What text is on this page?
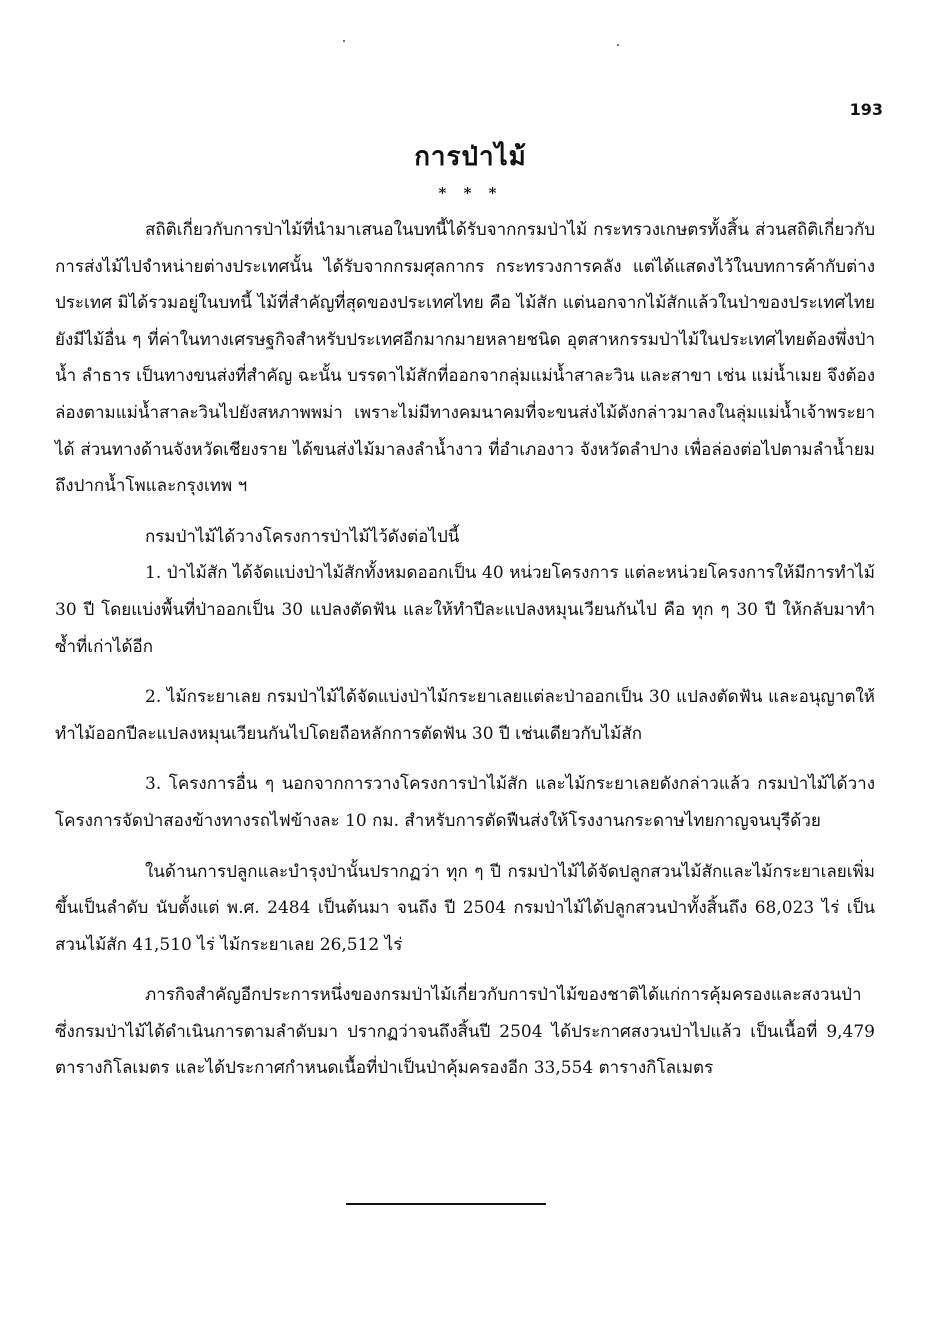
193
การป่าไม้
* * *

สถิติเกี่ยวกับการป่าไม้ที่นำมาเสนอในบทนี้ได้รับจากกรมป่าไม้ กระทรวงเกษตรทั้งสิ้น ส่วนสถิติเกี่ยวกับการส่งไม้ไปจำหน่ายต่างประเทศนั้น ได้รับจากกรมศุลกากร กระทรวงการคลัง แต่ได้แสดงไว้ในบทการค้ากับต่างประเทศ มิได้รวมอยู่ในบทนี้ ไม้ที่สำคัญที่สุดของประเทศไทย คือ ไม้สัก แต่นอกจากไม้สักแล้วในป่าของประเทศไทยยังมีไม้อื่น ๆ ที่ค่าในทางเศรษฐกิจสำหรับประเทศอีกมากมายหลายชนิด อุตสาหกรรมป่าไม้ในประเทศไทยต้องพึ่งป่าน้ำ ลำธาร เป็นทางขนส่งที่สำคัญ ฉะนั้น บรรดาไม้สักที่ออกจากลุ่มแม่น้ำสาละวิน และสาขา เช่น แม่น้ำเมย จึงต้องล่องตามแม่น้ำสาละวินไปยังสหภาพพม่า เพราะไม่มีทางคมนาคมที่จะขนส่งไม้ดังกล่าวมาลงในลุ่มแม่น้ำเจ้าพระยาได้ ส่วนทางด้านจังหวัดเชียงราย ได้ขนส่งไม้มาลงลำน้ำงาว ที่อำเภองาว จังหวัดลำปาง เพื่อล่องต่อไปตามลำน้ำยม ถึงปากน้ำโพและกรุงเทพ ฯ

กรมป่าไม้ได้วางโครงการป่าไม้ไว้ดังต่อไปนี้

1. ป่าไม้สัก ได้จัดแบ่งป่าไม้สักทั้งหมดออกเป็น 40 หน่วยโครงการ แต่ละหน่วยโครงการให้มีการทำไม้ 30 ปี โดยแบ่งพื้นที่ป่าออกเป็น 30 แปลงตัดฟัน และให้ทำปีละแปลงหมุนเวียนกันไป คือ ทุก ๆ 30 ปี ให้กลับมาทำซ้ำที่เก่าได้อีก

2. ไม้กระยาเลย กรมป่าไม้ได้จัดแบ่งป่าไม้กระยาเลยแต่ละป่าออกเป็น 30 แปลงตัดฟัน และอนุญาตให้ทำไม้ออกปีละแปลงหมุนเวียนกันไปโดยถือหลักการตัดฟัน 30 ปี เช่นเดียวกับไม้สัก

3. โครงการอื่น ๆ นอกจากการวางโครงการป่าไม้สัก และไม้กระยาเลยดังกล่าวแล้ว กรมป่าไม้ได้วางโครงการจัดป่าสองข้างทางรถไฟข้างละ 10 กม. สำหรับการตัดฟืนส่งให้โรงงานกระดาษไทยกาญจนบุรีด้วย

ในด้านการปลูกและบำรุงป่านั้นปรากฏว่า ทุก ๆ ปี กรมป่าไม้ได้จัดปลูกสวนไม้สักและไม้กระยาเลยเพิ่มขึ้นเป็นลำดับ นับตั้งแต่ พ.ศ. 2484 เป็นต้นมา จนถึง ปี 2504 กรมป่าไม้ได้ปลูกสวนป่าทั้งสิ้นถึง 68,023 ไร่ เป็นสวนไม้สัก 41,510 ไร่ ไม้กระยาเลย 26,512 ไร่

ภารกิจสำคัญอีกประการหนึ่งของกรมป่าไม้เกี่ยวกับการป่าไม้ของชาติได้แก่การคุ้มครองและสงวนป่า ซึ่งกรมป่าไม้ได้ดำเนินการตามลำดับมา ปรากฏว่าจนถึงสิ้นปี 2504 ได้ประกาศสงวนป่าไปแล้ว เป็นเนื้อที่ 9,479 ตารางกิโลเมตร และได้ประกาศกำหนดเนื้อที่ป่าเป็นป่าคุ้มครองอีก 33,554 ตารางกิโลเมตร
